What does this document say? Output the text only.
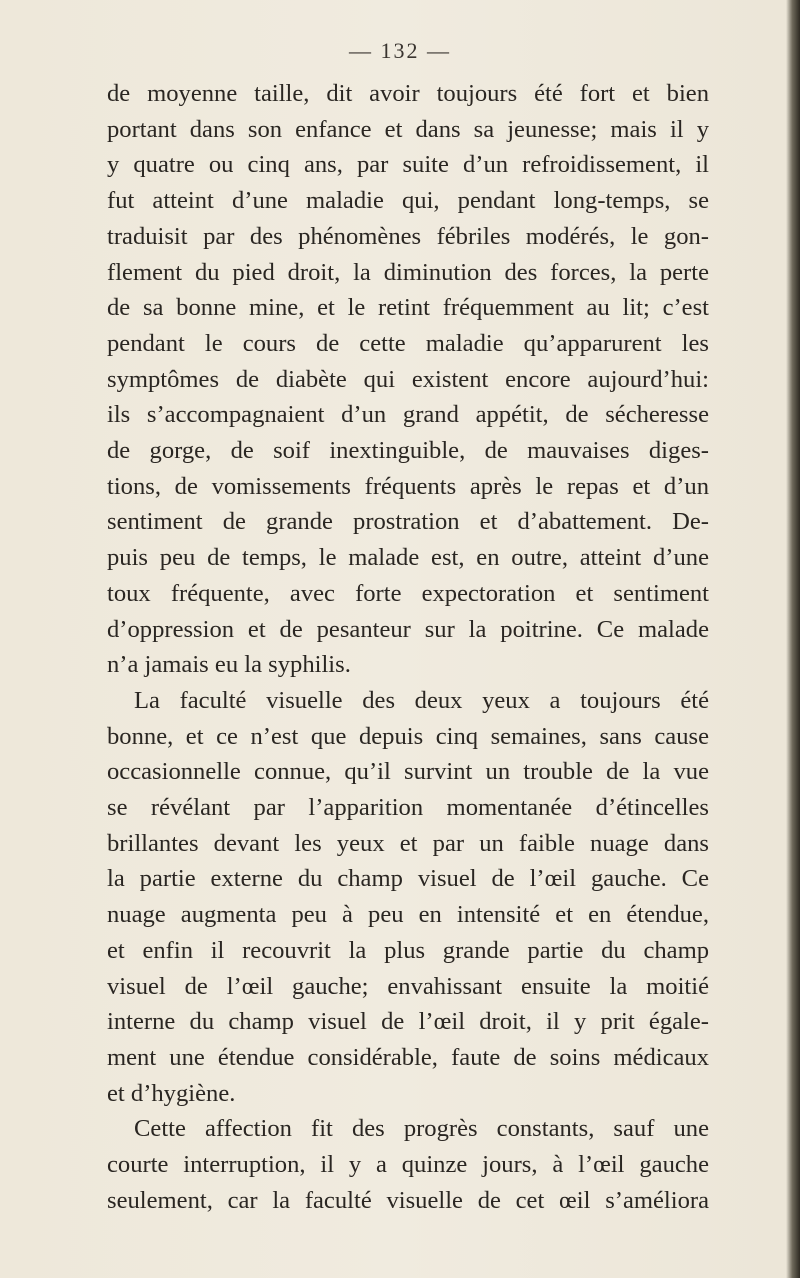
— 132 —
de moyenne taille, dit avoir toujours été fort et bien
portant dans son enfance et dans sa jeunesse; mais il y
y quatre ou cinq ans, par suite d’un refroidissement, il
fut atteint d’une maladie qui, pendant long-temps, se
traduisit par des phénomènes fébriles modérés, le gon-
flement du pied droit, la diminution des forces, la perte
de sa bonne mine, et le retint fréquemment au lit; c’est
pendant le cours de cette maladie qu’apparurent les
symptômes de diabète qui existent encore aujourd’hui:
ils s’accompagnaient d’un grand appétit, de sécheresse
de gorge, de soif inextinguible, de mauvaises diges-
tions, de vomissements fréquents après le repas et d’un
sentiment de grande prostration et d’abattement. De-
puis peu de temps, le malade est, en outre, atteint d’une
toux fréquente, avec forte expectoration et sentiment
d’oppression et de pesanteur sur la poitrine. Ce malade
n’a jamais eu la syphilis.
La faculté visuelle des deux yeux a toujours été
bonne, et ce n’est que depuis cinq semaines, sans cause
occasionnelle connue, qu’il survint un trouble de la vue
se révélant par l’apparition momentanée d’étincelles
brillantes devant les yeux et par un faible nuage dans
la partie externe du champ visuel de l’œil gauche. Ce
nuage augmenta peu à peu en intensité et en étendue,
et enfin il recouvrit la plus grande partie du champ
visuel de l’œil gauche; envahissant ensuite la moitié
interne du champ visuel de l’œil droit, il y prit égale-
ment une étendue considérable, faute de soins médicaux
et d’hygiène.
Cette affection fit des progrès constants, sauf une
courte interruption, il y a quinze jours, à l’œil gauche
seulement, car la faculté visuelle de cet œil s’améliora
